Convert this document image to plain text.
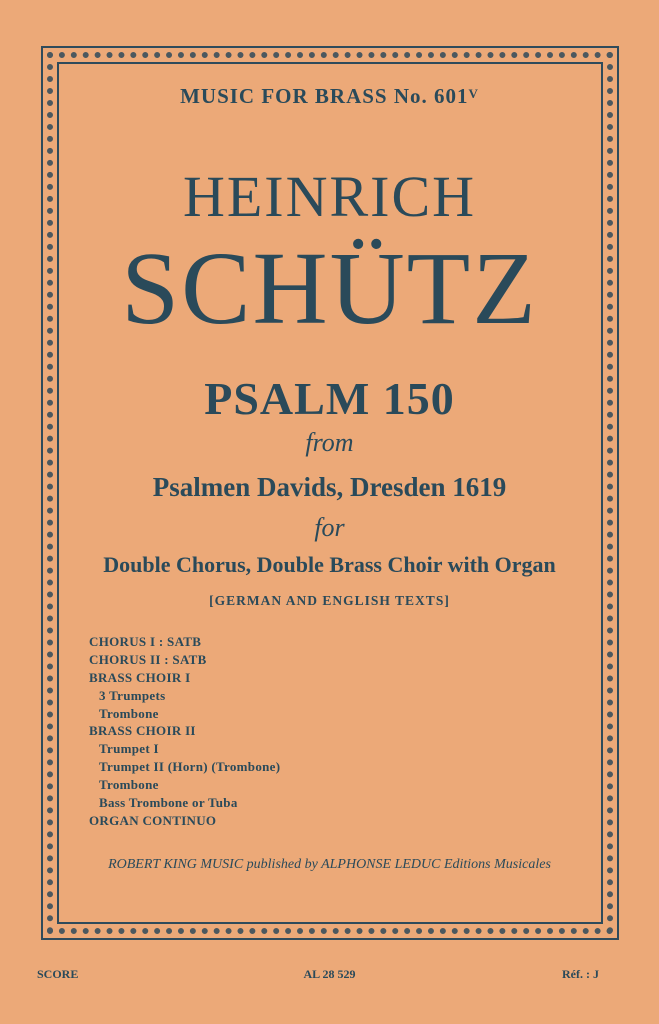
MUSIC FOR BRASS No. $601^V$
HEINRICH
SCHÜTZ
PSALM 150
from
Psalmen Davids, Dresden 1619
for
Double Chorus, Double Brass Choir with Organ
[GERMAN AND ENGLISH TEXTS]
CHORUS I : SATB
CHORUS II : SATB
BRASS CHOIR I
3 Trumpets
Trombone
BRASS CHOIR II
Trumpet I
Trumpet II (Horn) (Trombone)
Trombone
Bass Trombone or Tuba
ORGAN CONTINUO
ROBERT KING MUSIC published by ALPHONSE LEDUC Editions Musicales
SCORE	AL 28 529	Réf. : J
